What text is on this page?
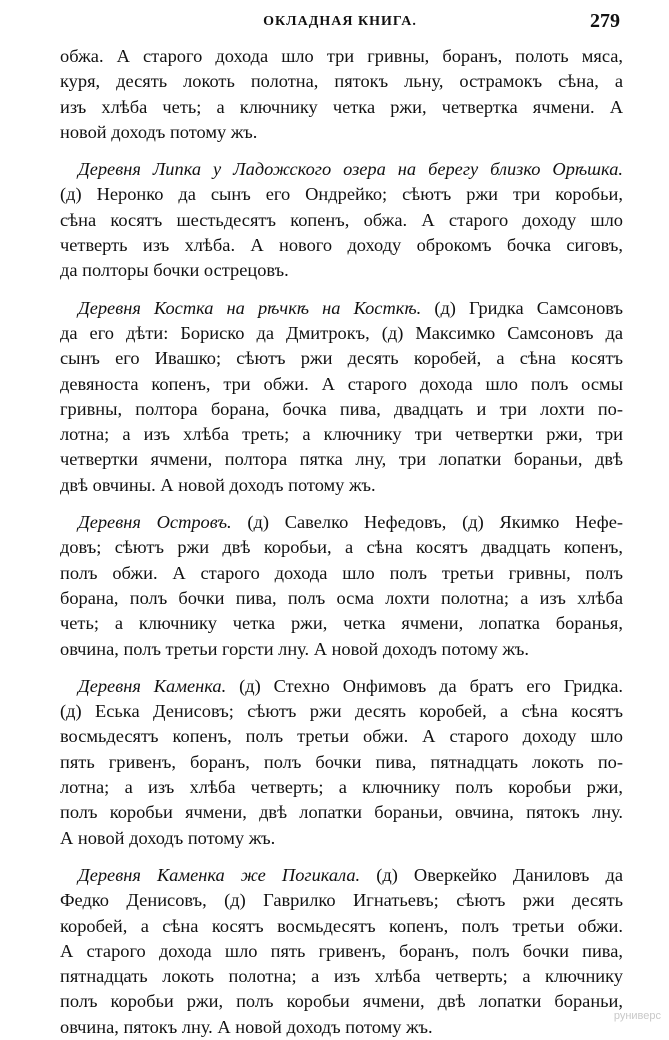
ОКЛАДНАЯ КНИГА.	279
обжа. А старого дохода шло три гривны, боранъ, полоть мяса,
куря, десять локоть полотна, пятокъ льну, острамокъ сѣна, а
изъ хлѣба четь; а ключнику четка ржи, четвертка ячмени. А
новой доходъ потому жъ.
Деревня Липка у Ладожского озера на берегу близко Орѣшка.
(д) Неронко да сынъ его Ондрейко; сѣютъ ржи три коробьи,
сѣна косятъ шестьдесятъ копенъ, обжа. А старого доходу шло
четверть изъ хлѣба. А нового доходу оброкомъ бочка сиговъ,
да полторы бочки острецовъ.
Деревня Костка на рѣчкѣ на Косткѣ. (д) Гридка Самсоновъ
да его дѣти: Бориско да Дмитрокъ, (д) Максимко Самсоновъ да
сынъ его Ивашко; сѣютъ ржи десять коробей, а сѣна косятъ
девяноста копенъ, три обжи. А старого дохода шло полъ осмы
гривны, полтора борана, бочка пива, двадцать и три лохти по-
лотна; а изъ хлѣба треть; а ключнику три четвертки ржи, три
четвертки ячмени, полтора пятка лну, три лопатки бораньи, двѣ
двѣ овчины. А новой доходъ потому жъ.
Деревня Островъ. (д) Савелко Нефедовъ, (д) Якимко Нефе-
довъ; сѣютъ ржи двѣ коробьи, а сѣна косятъ двадцать копенъ,
полъ обжи. А старого дохода шло полъ третьи гривны, полъ
борана, полъ бочки пива, полъ осма лохти полотна; а изъ хлѣба
четь; а ключнику четка ржи, четка ячмени, лопатка боранья,
овчина, полъ третьи горсти лну. А новой доходъ потому жъ.
Деревня Каменка. (д) Стехно Онфимовъ да братъ его Гридка.
(д) Еська Денисовъ; сѣютъ ржи десять коробей, а сѣна косятъ
восмьдесятъ копенъ, полъ третьи обжи. А старого доходу шло
пять гривенъ, боранъ, полъ бочки пива, пятнадцать локоть по-
лотна; а изъ хлѣба четверть; а ключнику полъ коробьи ржи,
полъ коробьи ячмени, двѣ лопатки бораньи, овчина, пятокъ лну.
А новой доходъ потому жъ.
Деревня Каменка же Погикала. (д) Оверкейко Даниловъ да
Федко Денисовъ, (д) Гаврилко Игнатьевъ; сѣютъ ржи десять
коробей, а сѣна косятъ восмьдесятъ копенъ, полъ третьи обжи.
А старого дохода шло пять гривенъ, боранъ, полъ бочки пива,
пятнадцать локоть полотна; а изъ хлѣба четверть; а ключнику
полъ коробьи ржи, полъ коробьи ячмени, двѣ лопатки бораньи,
овчина, пятокъ лну. А новой доходъ потому жъ.
руниверс
